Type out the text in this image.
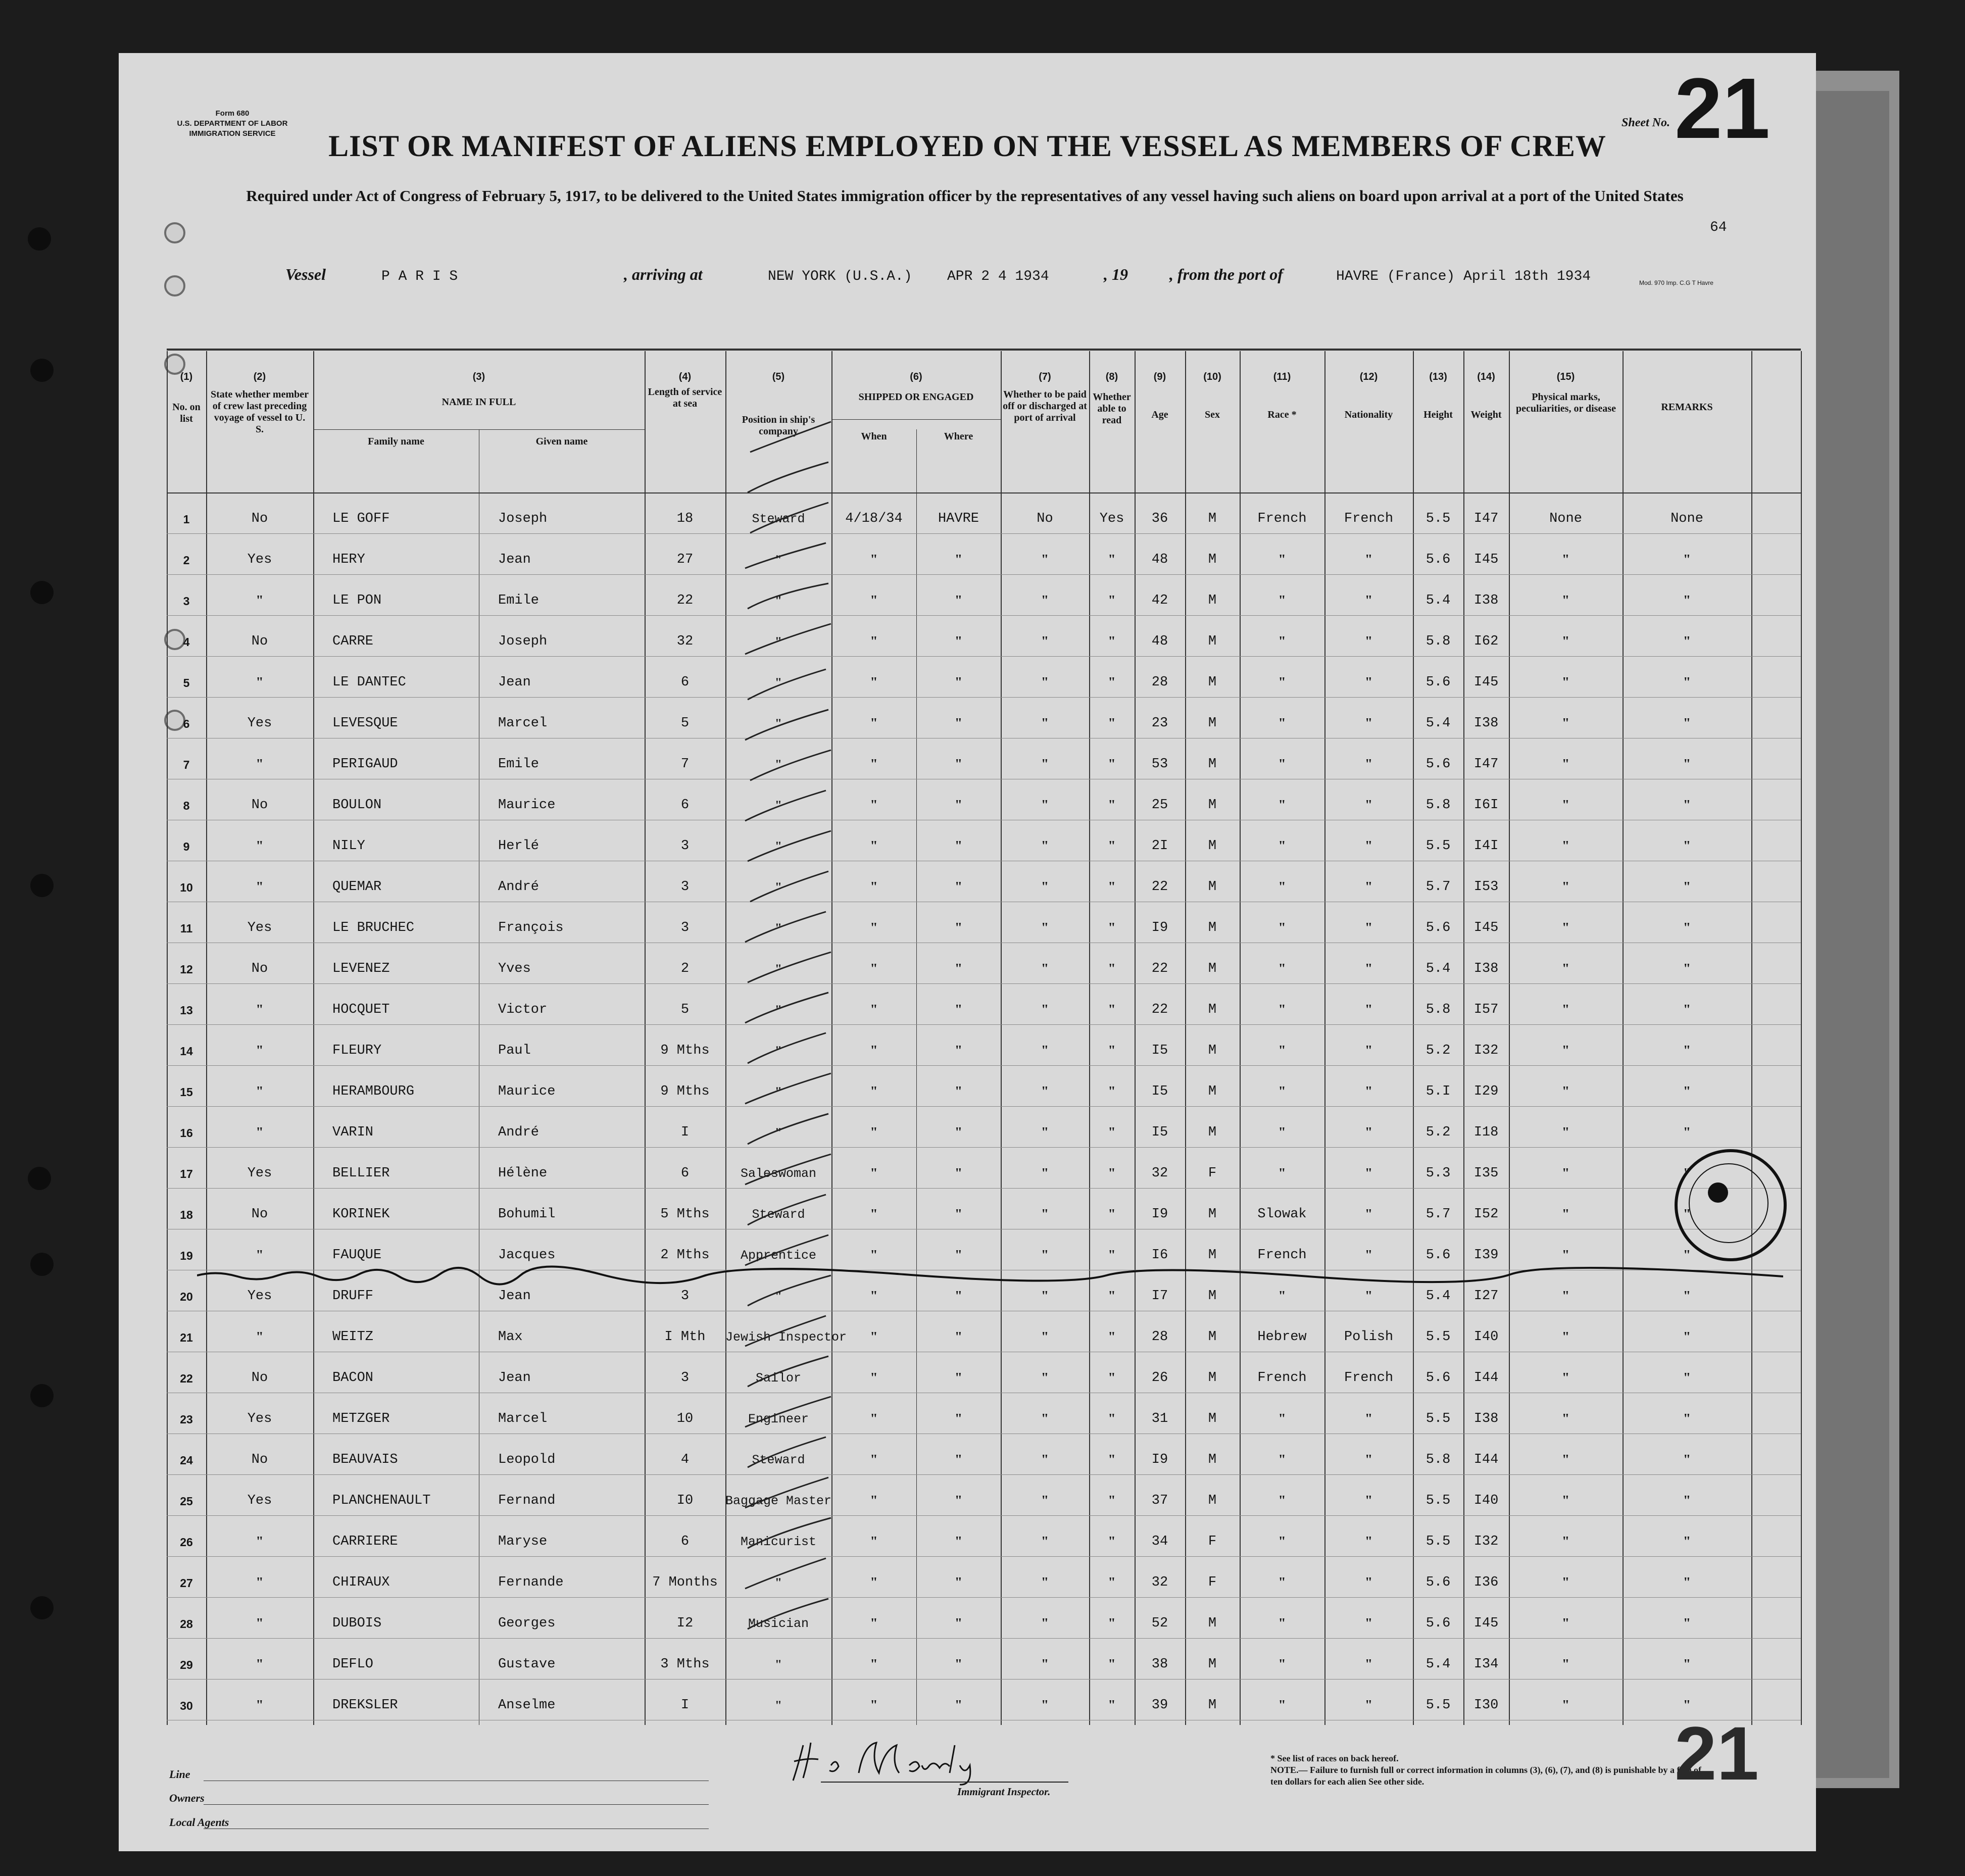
Form 680
U.S. DEPARTMENT OF LABOR
IMMIGRATION SERVICE
Sheet No. 21
LIST OR MANIFEST OF ALIENS EMPLOYED ON THE VESSEL AS MEMBERS OF CREW
Required under Act of Congress of February 5, 1917, to be delivered to the United States immigration officer by the representatives of any vessel having such aliens on board upon arrival at a port of the United States
64
Vessel	P A R I S	, arriving at	NEW YORK (U.S.A.) APR 2 4 1934	, 19	, from the port of	HAVRE (France) April 18th 1934	Mod. 970 Imp. C.G T Havre
(1)	(2)	(3)	(4)	(5)	(6)	(7)	(8)	(9)	(10)	(11)	(12)	(13)	(14)	(15)
No. on list
State whether member of crew last preceding voyage of vessel to U. S.
NAME IN FULL
Family name	Given name
Length of service at sea
Position in ship's company
SHIPPED OR ENGAGED
When	Where
Whether to be paid off or discharged at port of arrival
Whether able to read	Age	Sex	Race *	Nationality	Height	Weight
Physical marks, peculiarities, or disease	REMARKS
1	No	LE GOFF	Joseph	18	Steward	4/18/34	HAVRE	No	Yes	36	M	French	French	5.5	I47	None	None
2	Yes	HERY	Jean	27	"	"	"	"	"	48	M	"	"	5.6	I45	"	"
3	"	LE PON	Emile	22	"	"	"	"	"	42	M	"	"	5.4	I38	"	"
4	No	CARRE	Joseph	32	"	"	"	"	"	48	M	"	"	5.8	I62	"	"
5	"	LE DANTEC	Jean	6	"	"	"	"	"	28	M	"	"	5.6	I45	"	"
6	Yes	LEVESQUE	Marcel	5	"	"	"	"	"	23	M	"	"	5.4	I38	"	"
7	"	PERIGAUD	Emile	7	"	"	"	"	"	53	M	"	"	5.6	I47	"	"
8	No	BOULON	Maurice	6	"	"	"	"	"	25	M	"	"	5.8	I6I	"	"
9	"	NILY	Herlé	3	"	"	"	"	"	2I	M	"	"	5.5	I4I	"	"
10	"	QUEMAR	André	3	"	"	"	"	"	22	M	"	"	5.7	I53	"	"
11	Yes	LE BRUCHEC	François	3	"	"	"	"	"	I9	M	"	"	5.6	I45	"	"
12	No	LEVENEZ	Yves	2	"	"	"	"	"	22	M	"	"	5.4	I38	"	"
13	"	HOCQUET	Victor	5	"	"	"	"	"	22	M	"	"	5.8	I57	"	"
14	"	FLEURY	Paul	9 Mths	"	"	"	"	"	I5	M	"	"	5.2	I32	"	"
15	"	HERAMBOURG	Maurice	9 Mths	"	"	"	"	"	I5	M	"	"	5.I	I29	"	"
16	"	VARIN	André	I	"	"	"	"	"	I5	M	"	"	5.2	I18	"	"
17	Yes	BELLIER	Hélène	6	Saleswoman	"	"	"	"	32	F	"	"	5.3	I35	"	"
18	No	KORINEK	Bohumil	5 Mths	Steward	"	"	"	"	I9	M	Slowak	"	5.7	I52	"	"
19	"	FAUQUE	Jacques	2 Mths	Apprentice	"	"	"	"	I6	M	French	"	5.6	I39	"	"
20	Yes	DRUFF	Jean	3	"	"	"	"	"	I7	M	"	"	5.4	I27	"	"
21	"	WEITZ	Max	I Mth	Jewish Inspector	"	"	"	"	28	M	Hebrew	Polish	5.5	I40	"	"
22	No	BACON	Jean	3	Sailor	"	"	"	"	26	M	French	French	5.6	I44	"	"
23	Yes	METZGER	Marcel	10	Engineer	"	"	"	"	31	M	"	"	5.5	I38	"	"
24	No	BEAUVAIS	Leopold	4	Steward	"	"	"	"	I9	M	"	"	5.8	I44	"	"
25	Yes	PLANCHENAULT	Fernand	I0	Baggage Master	"	"	"	"	37	M	"	"	5.5	I40	"	"
26	"	CARRIERE	Maryse	6	Manicurist	"	"	"	"	34	F	"	"	5.5	I32	"	"
27	"	CHIRAUX	Fernande	7 Months	"	"	"	"	"	32	F	"	"	5.6	I36	"	"
28	"	DUBOIS	Georges	I2	Musician	"	"	"	"	52	M	"	"	5.6	I45	"	"
29	"	DEFLO	Gustave	3 Mths	"	"	"	"	"	38	M	"	"	5.4	I34	"	"
30	"	DREKSLER	Anselme	I	"	"	"	"	"	39	M	"	"	5.5	I30	"	"
Line
Owners
Local Agents
Immigrant Inspector.
* See list of races on back hereof.
NOTE.— Failure to furnish full or correct information in columns (3), (6), (7), and (8) is punishable by a fine of ten dollars for each alien See other side.	21
